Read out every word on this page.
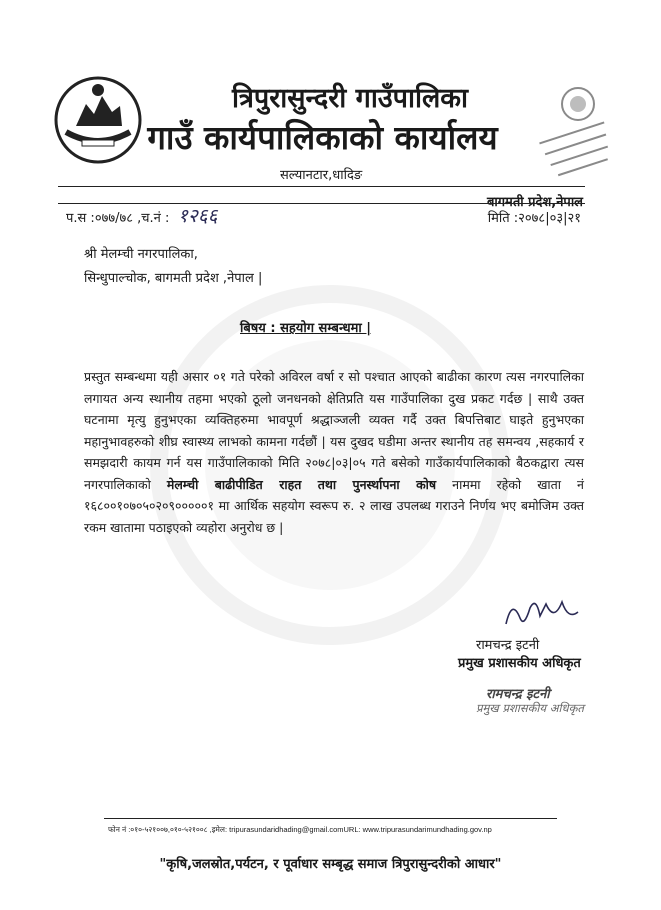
त्रिपुरासुन्दरी गाउँपालिका
गाउँ कार्यपालिकाको कार्यालय
सल्यानटार,धादिङ
बागमती प्रदेश,नेपाल
प.स :०७७/७८ ,च.नं : १२६६	मिति :२०७८|०३|२१
श्री मेलम्ची नगरपालिका,
सिन्धुपाल्चोक, बागमती प्रदेश ,नेपाल |
बिषय : सहयोग सम्बन्धमा |
प्रस्तुत सम्बन्धमा यही असार ०१ गते परेको अविरल वर्षा र सो पश्चात आएको बाढीका कारण त्यस नगरपालिका लगायत अन्य स्थानीय तहमा भएको ठूलो जनधनको क्षेतिप्रति यस गाउँपालिका दुख प्रकट गर्दछ | साथै उक्त घटनामा मृत्यु हुनुभएका व्यक्तिहरुमा भावपूर्ण श्रद्धाञ्जली व्यक्त गर्दै उक्त बिपत्तिबाट घाइते हुनुभएका महानुभावहरुको शीघ्र स्वास्थ्य लाभको कामना गर्दछौं | यस दुखद घडीमा अन्तर स्थानीय तह समन्वय ,सहकार्य र समझदारी कायम गर्न यस गाउँपालिकाको मिति २०७८|०३|०५ गते बसेको गाउँकार्यपालिकाको बैठकद्वारा त्यस नगरपालिकाको मेलम्ची बाढीपीडित राहत तथा पुनर्स्थापना कोष नाममा रहेको खाता नं १६८००१०७०५०२०९०००००१ मा आर्थिक सहयोग स्वरूप रु. २ लाख उपलब्ध गराउने निर्णय भए बमोजिम उक्त रकम खातामा पठाइएको व्यहोरा अनुरोध छ |
रामचन्द्र इटनी
प्रमुख प्रशासकीय अधिकृत
रामचन्द्र इटनी
प्रमुख प्रशासकीय अधिकृत
फोन नं :०१०-५२१००७,०१०-५२१००८ ,इमेल: tripurasundaridhading@gmail.comURL: www.tripurasundarimundhading.gov.np
"कृषि,जलस्रोत,पर्यटन, र पूर्वाधार सम्बृद्ध समाज त्रिपुरासुन्दरीको आधार"
